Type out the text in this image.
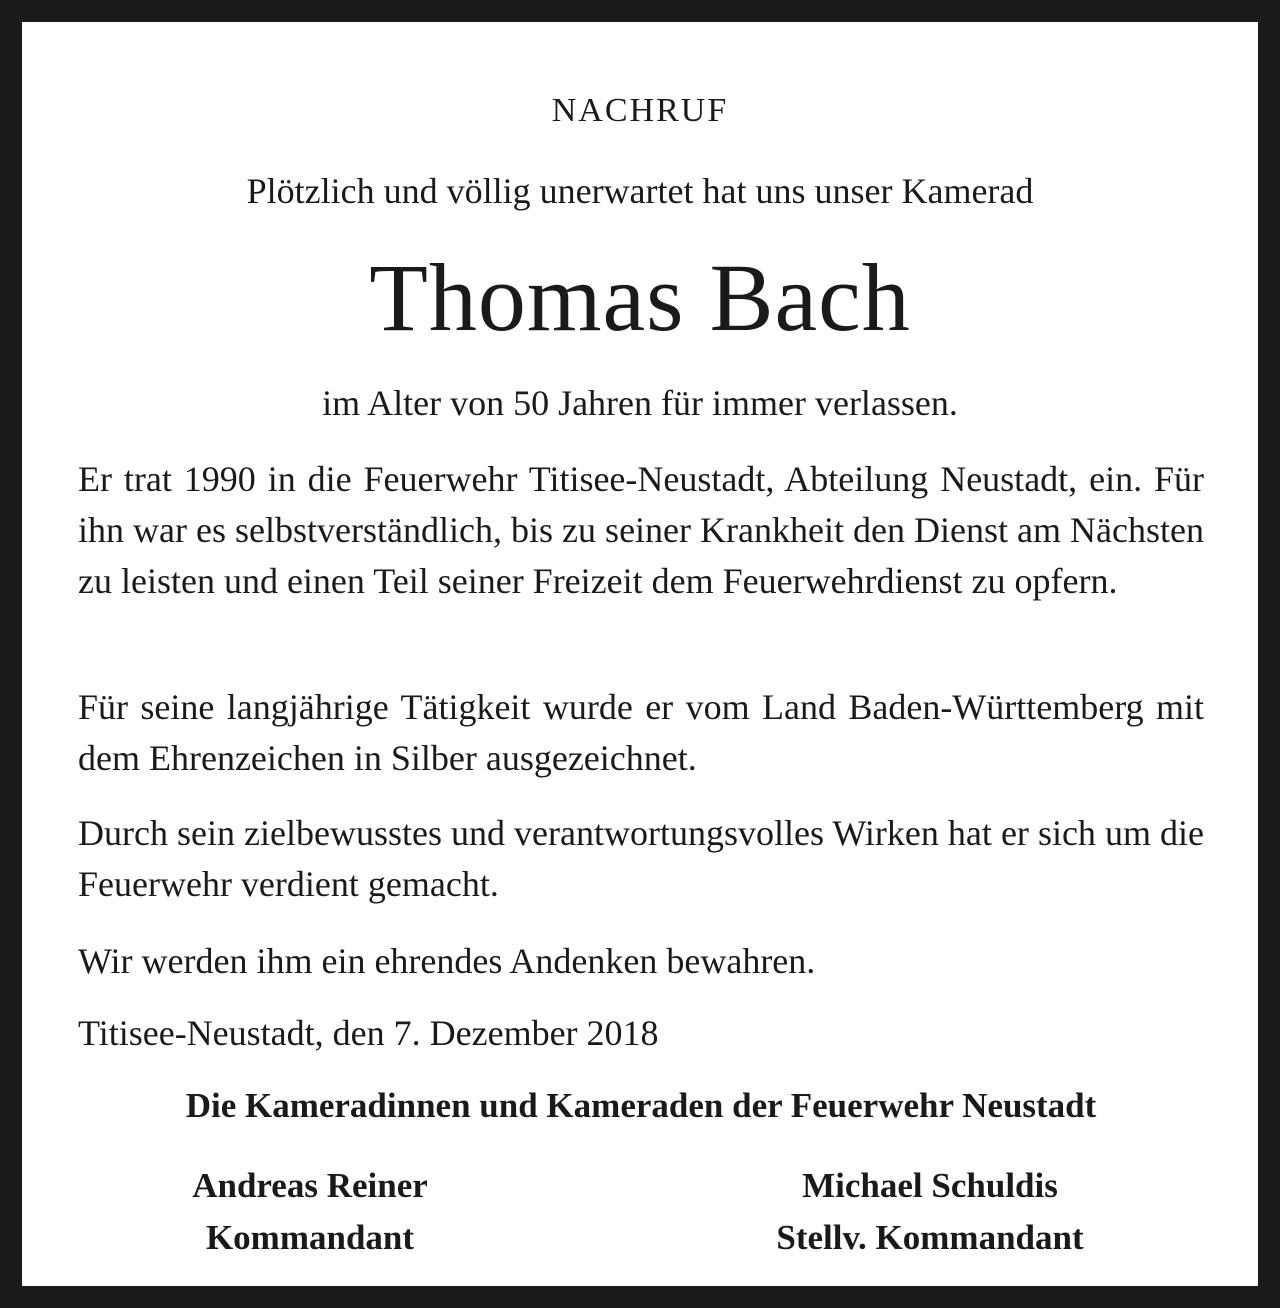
NACHRUF
Plötzlich und völlig unerwartet hat uns unser Kamerad
Thomas Bach
im Alter von 50 Jahren für immer verlassen.
Er trat 1990 in die Feuerwehr Titisee-Neustadt, Abteilung Neustadt, ein. Für ihn war es selbstverständlich, bis zu seiner Krankheit den Dienst am Nächsten zu leisten und einen Teil seiner Freizeit dem Feuerwehrdienst zu opfern.
Für seine langjährige Tätigkeit wurde er vom Land Baden-Württemberg mit dem Ehrenzeichen in Silber ausgezeichnet.
Durch sein zielbewusstes und verantwortungsvolles Wirken hat er sich um die Feuerwehr verdient gemacht.
Wir werden ihm ein ehrendes Andenken bewahren.
Titisee-Neustadt, den 7. Dezember 2018
Die Kameradinnen und Kameraden der Feuerwehr Neustadt
Andreas Reiner
Kommandant
Michael Schuldis
Stellv. Kommandant
